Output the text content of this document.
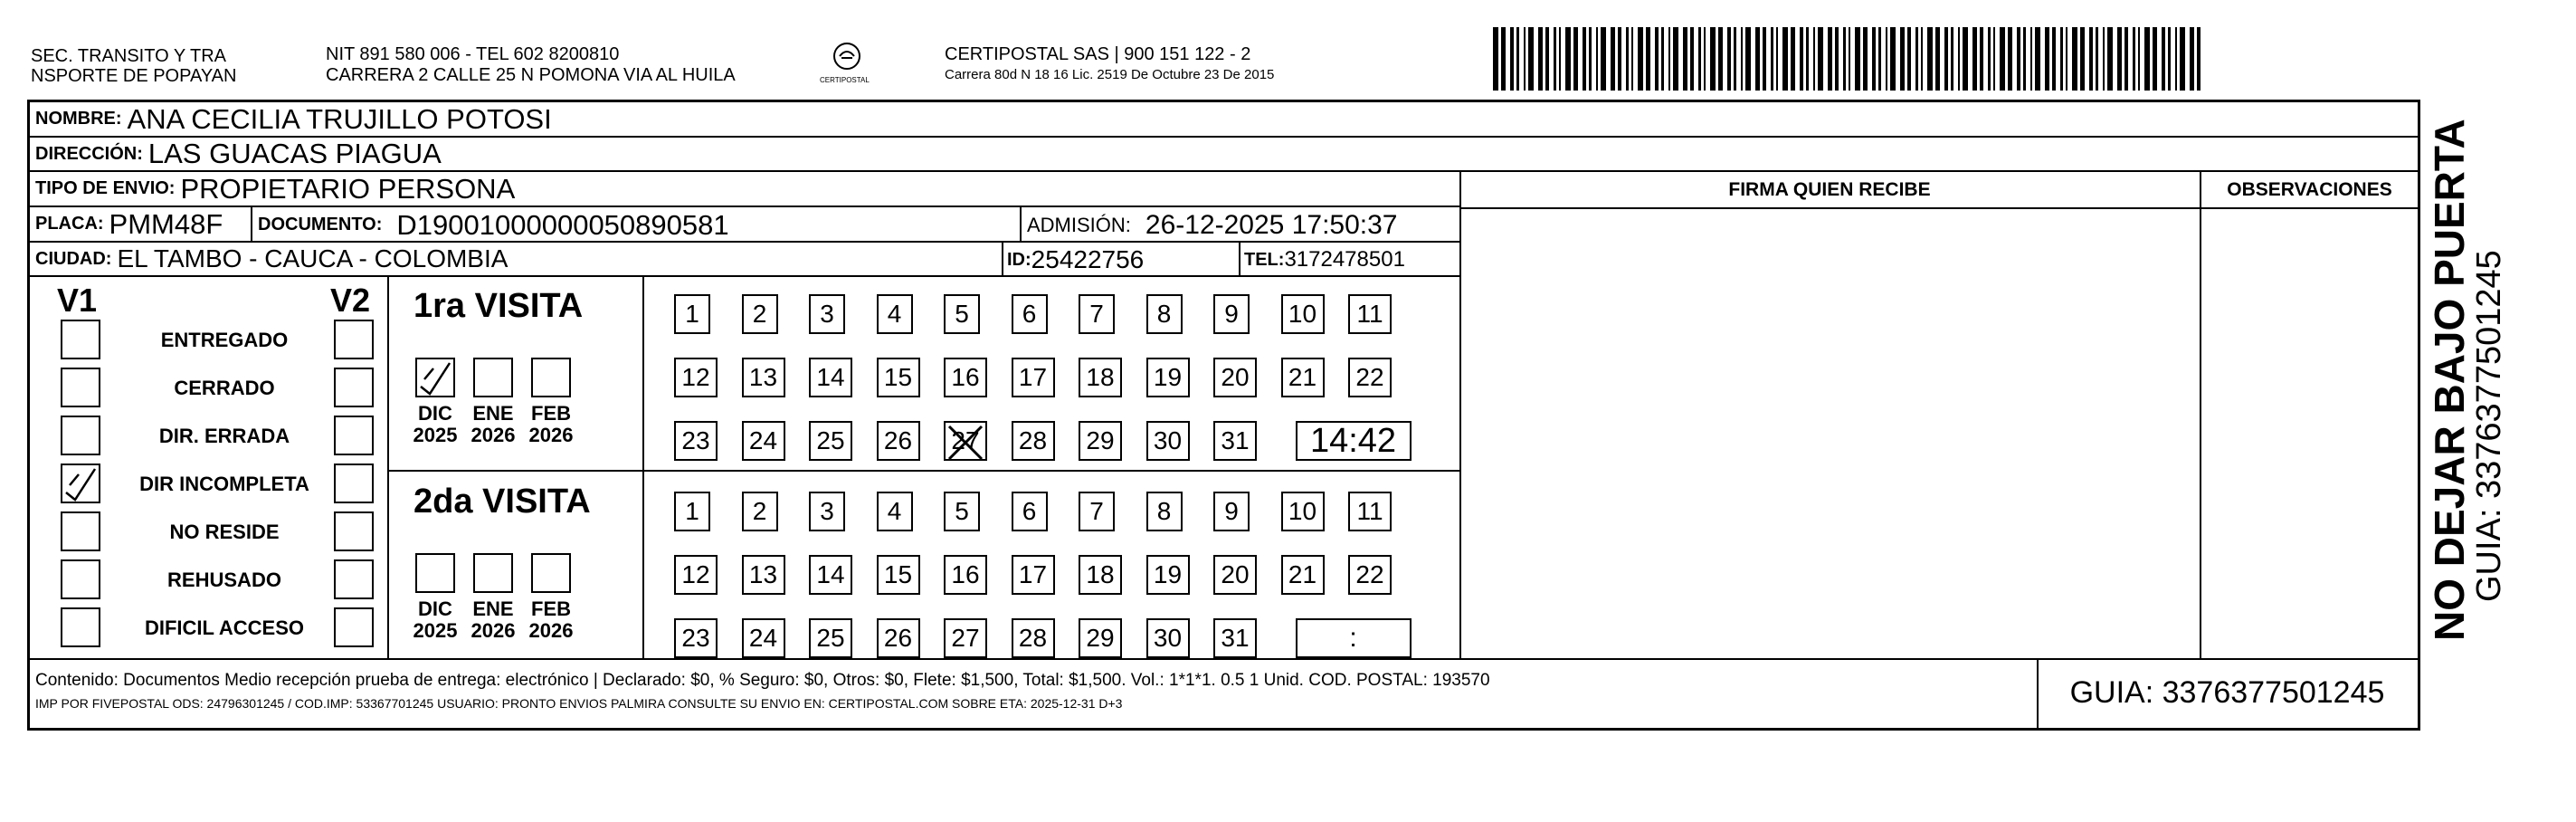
SEC. TRANSITO Y TRA
NSPORTE DE POPAYAN
NIT 891 580 006 - TEL 602 8200810
CARRERA 2 CALLE 25 N POMONA VIA AL HUILA	CERTIPOSTAL
CERTIPOSTAL SAS | 900 151 122 - 2
Carrera 80d N 18 16 Lic. 2519 De Octubre 23 De 2015
NOMBRE: ANA CECILIA TRUJILLO POTOSI
DIRECCIÓN: LAS GUACAS PIAGUA
TIPO DE ENVIO: PROPIETARIO PERSONA
PLACA: PMM48F DOCUMENTO: D19001000000050890581	ADMISIÓN: 26-12-2025 17:50:37
CIUDAD: EL TAMBO - CAUCA - COLOMBIA	ID: 25422756	TEL: 3172478501
FIRMA QUIEN RECIBE	OBSERVACIONES
V1	V2
ENTREGADO
CERRADO
DIR. ERRADA
DIR INCOMPLETA
NO RESIDE
REHUSADO
DIFICIL ACCESO
1ra VISITA
2da VISITA
DIC
2025
ENE
2026
FEB
2026
DIC
2025
ENE
2026
FEB
2026
1	2	3	4	5	6	7	8	9	10	11
12	13	14	15	16	17	18	19	20	21	22
23	24	25	26	27	28	29	30	31	14:42
1	2	3	4	5	6	7	8	9	10	11
12	13	14	15	16	17	18	19	20	21	22
23	24	25	26	27	28	29	30	31	:
Contenido: Documentos Medio recepción prueba de entrega: electrónico | Declarado: $0, % Seguro: $0, Otros: $0, Flete: $1,500, Total: $1,500. Vol.: 1*1*1. 0.5 1 Unid. COD. POSTAL: 193570
IMP POR FIVEPOSTAL ODS: 24796301245 / COD.IMP: 53367701245 USUARIO: PRONTO ENVIOS PALMIRA CONSULTE SU ENVIO EN: CERTIPOSTAL.COM SOBRE ETA: 2025-12-31 D+3	GUIA: 3376377501245
NO DEJAR BAJO PUERTA
GUIA: 3376377501245
